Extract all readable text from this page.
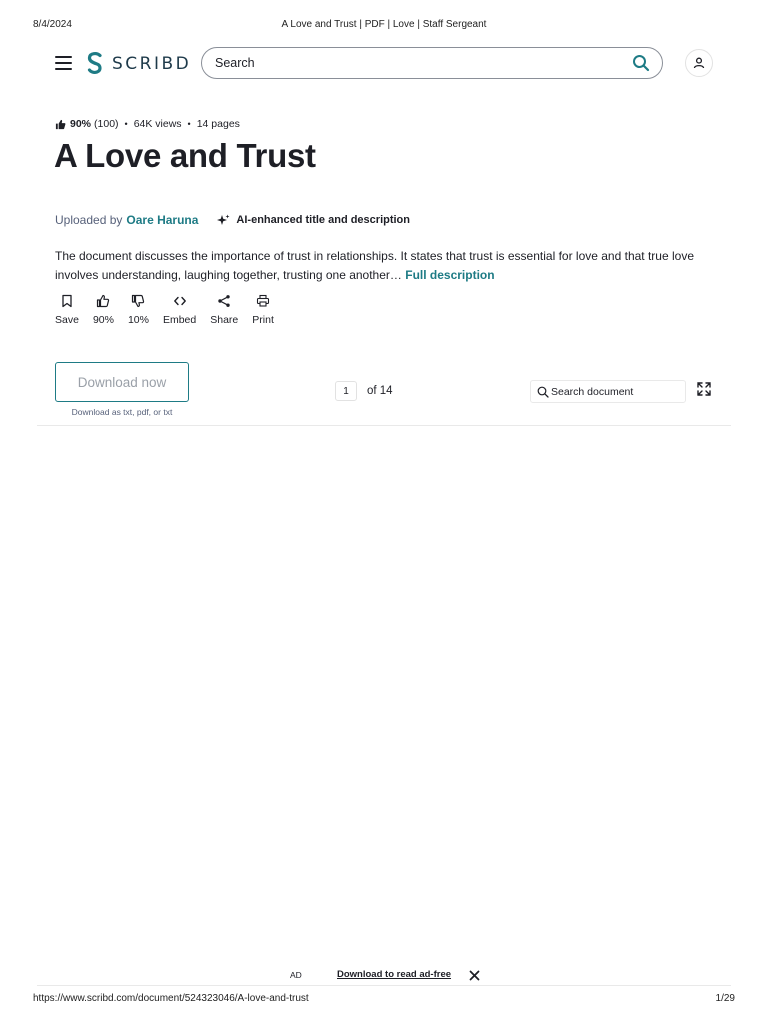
8/4/2024	A Love and Trust | PDF | Love | Staff Sergeant
SCRIBD
Search
90% (100) • 64K views • 14 pages
A Love and Trust
Uploaded by Oare Haruna	AI-enhanced title and description
The document discusses the importance of trust in relationships. It states that trust is essential for love and that true love involves understanding, laughing together, trusting one another… Full description
Save 90% 10% Embed Share Print
Download now
Download as txt, pdf, or txt
1
of 14
Search document
AD	Download to read ad-free
https://www.scribd.com/document/524323046/A-love-and-trust	1/29
